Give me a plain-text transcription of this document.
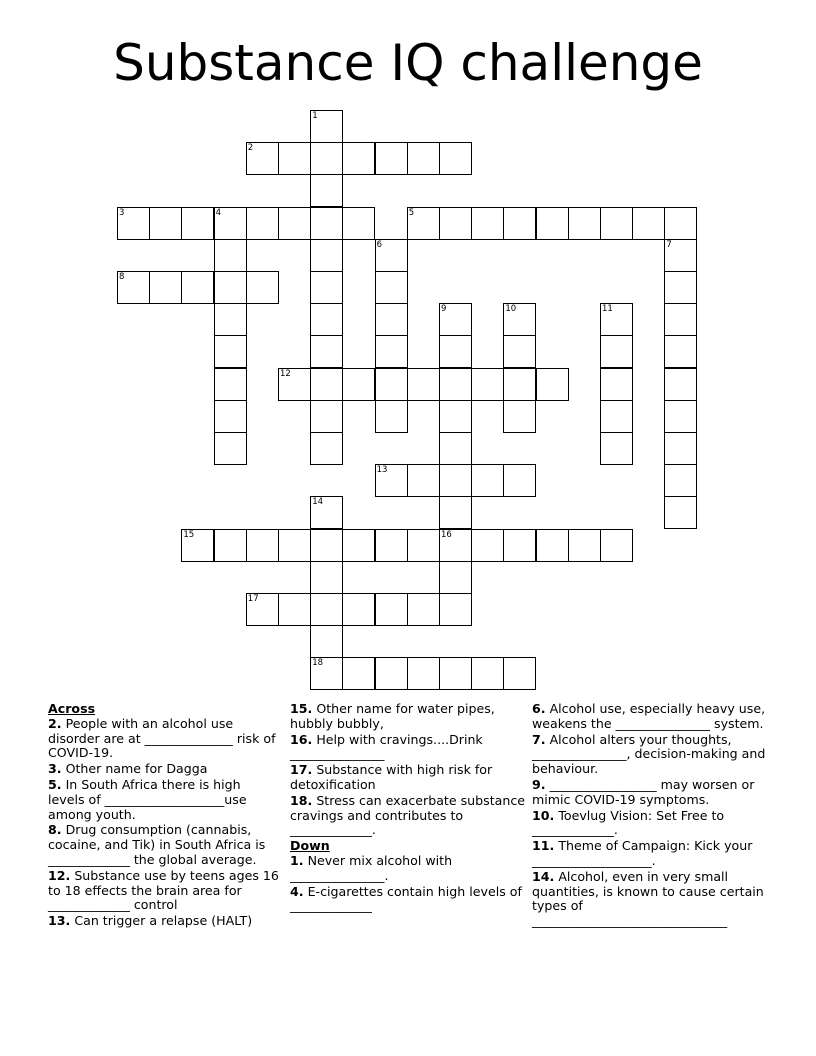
Substance IQ challenge
1
2
3	4	5
6	7
8
9	10	11
12
13
14
15	16
17
18
Across
2. People with an alcohol use disorder are at ______________ risk of COVID-19.
3. Other name for Dagga
5. In South Africa there is high levels of ___________________use among youth.
8. Drug consumption (cannabis, cocaine, and Tik) in South Africa is _____________ the global average.
12. Substance use by teens ages 16 to 18 effects the brain area for _____________ control
13. Can trigger a relapse (HALT)
15. Other name for water pipes, hubbly bubbly,
16. Help with cravings....Drink _______________
17. Substance with high risk for detoxification
18. Stress can exacerbate substance cravings and contributes to _____________.
Down
1. Never mix alcohol with _______________.
4. E-cigarettes contain high levels of _____________
6. Alcohol use, especially heavy use, weakens the _______________ system.
7. Alcohol alters your thoughts, _______________, decision-making and behaviour.
9. _________________ may worsen or mimic COVID-19 symptoms.
10. Toevlug Vision: Set Free to _____________.
11. Theme of Campaign: Kick your ___________________.
14. Alcohol, even in very small quantities, is known to cause certain types of _______________________________
